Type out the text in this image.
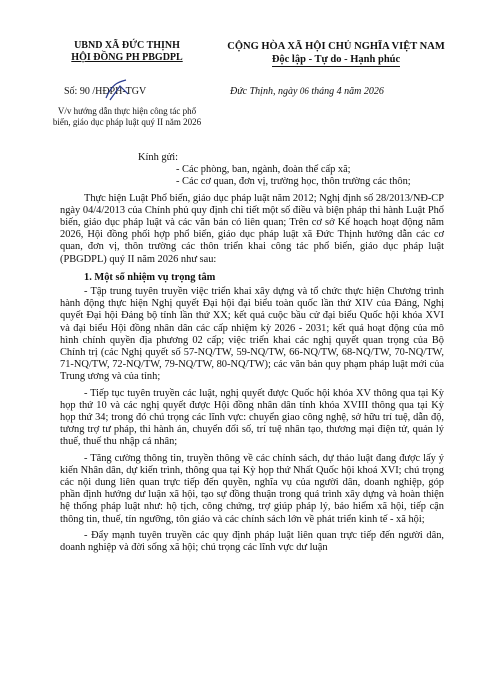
UBND XÃ ĐỨC THỊNH
HỘI ĐỒNG PH PBGDPL
CỘNG HÒA XÃ HỘI CHỦ NGHĨA VIỆT NAM
Độc lập - Tự do - Hạnh phúc
Số: 90 /HĐPH-TGV
V/v hướng dẫn thực hiện công tác phổ biến, giáo dục pháp luật quý II năm 2026
Đức Thịnh, ngày 06 tháng 4 năm 2026

Kính gửi:

- Các phòng, ban, ngành, đoàn thể cấp xã;

- Các cơ quan, đơn vị, trường học, thôn trường các thôn;

Thực hiện Luật Phổ biến, giáo dục pháp luật năm 2012; Nghị định số 28/2013/NĐ-CP ngày 04/4/2013 của Chính phủ quy định chi tiết một số điều và biện pháp thi hành Luật Phổ biến, giáo dục pháp luật và các văn bản có liên quan; Trên cơ sở Kế hoạch hoạt động năm 2026, Hội đồng phối hợp phổ biến, giáo dục pháp luật xã Đức Thịnh hướng dẫn các cơ quan, đơn vị, thôn trường các thôn triển khai công tác phổ biến, giáo dục pháp luật (PBGDPL) quý II năm 2026 như sau:

1. Một số nhiệm vụ trọng tâm

- Tập trung tuyên truyền việc triển khai xây dựng và tổ chức thực hiện Chương trình hành động thực hiện Nghị quyết Đại hội đại biểu toàn quốc lần thứ XIV của Đảng, Nghị quyết Đại hội Đảng bộ tỉnh lần thứ XX; kết quả cuộc bầu cử đại biểu Quốc hội khóa XVI và đại biểu Hội đồng nhân dân các cấp nhiệm kỳ 2026 - 2031; kết quả hoạt động của mô hình chính quyền địa phương 02 cấp; việc triển khai các nghị quyết quan trọng của Bộ Chính trị (các Nghị quyết số 57-NQ/TW, 59-NQ/TW, 66-NQ/TW, 68-NQ/TW, 70-NQ/TW, 71-NQ/TW, 72-NQ/TW, 79-NQ/TW, 80-NQ/TW); các văn bản quy phạm pháp luật mới của Trung ương và của tỉnh;

- Tiếp tục tuyên truyền các luật, nghị quyết được Quốc hội khóa XV thông qua tại Kỳ họp thứ 10 và các nghị quyết được Hội đồng nhân dân tỉnh khóa XVIII thông qua tại Kỳ họp thứ 34; trong đó chú trọng các lĩnh vực: chuyển giao công nghệ, sở hữu trí tuệ, dẫn độ, tương trợ tư pháp, thi hành án, chuyển đổi số, trí tuệ nhân tạo, thương mại điện tử, quản lý thuế, thuế thu nhập cá nhân;

- Tăng cường thông tin, truyền thông về các chính sách, dự thảo luật đang được lấy ý kiến Nhân dân, dự kiến trình, thông qua tại Kỳ họp thứ Nhất Quốc hội khoá XVI; chú trọng các nội dung liên quan trực tiếp đến quyền, nghĩa vụ của người dân, doanh nghiệp, góp phần định hướng dư luận xã hội, tạo sự đồng thuận trong quá trình xây dựng và hoàn thiện hệ thống pháp luật như: hộ tịch, công chứng, trợ giúp pháp lý, bảo hiểm xã hội, tiếp cận thông tin, thuế, tín ngưỡng, tôn giáo và các chính sách lớn về phát triển kinh tế - xã hội;

- Đẩy mạnh tuyên truyền các quy định pháp luật liên quan trực tiếp đến người dân, doanh nghiệp và đời sống xã hội; chú trọng các lĩnh vực dư luận
